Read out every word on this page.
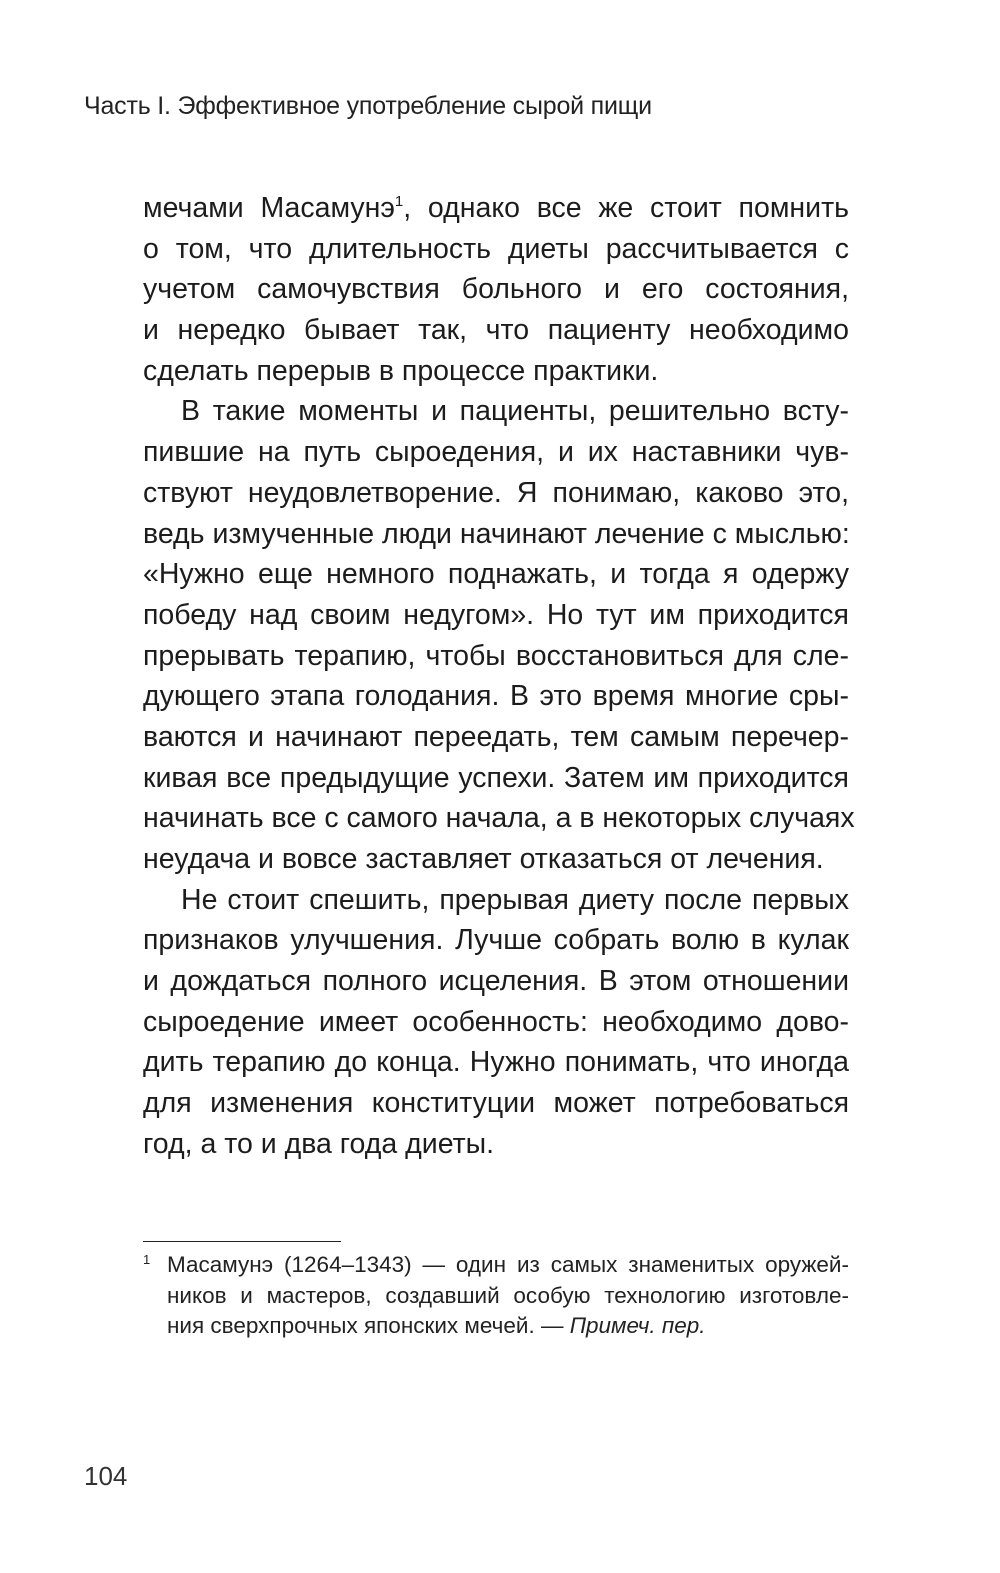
Часть I. Эффективное употребление сырой пищи

мечами Масамунэ$^1$, однако все же стоит помнить
о том, что длительность диеты рассчитывается с
учетом самочувствия больного и его состояния,
и нередко бывает так, что пациенту необходимо
сделать перерыв в процессе практики.

В такие моменты и пациенты, решительно всту-
пившие на путь сыроедения, и их наставники чув-
ствуют неудовлетворение. Я понимаю, каково это,
ведь измученные люди начинают лечение с мыслью:
«Нужно еще немного поднажать, и тогда я одержу
победу над своим недугом». Но тут им приходится
прерывать терапию, чтобы восстановиться для сле-
дующего этапа голодания. В это время многие сры-
ваются и начинают переедать, тем самым перечер-
кивая все предыдущие успехи. Затем им приходится
начинать все с самого начала, а в некоторых случаях
неудача и вовсе заставляет отказаться от лечения.

Не стоит спешить, прерывая диету после первых
признаков улучшения. Лучше собрать волю в кулак
и дождаться полного исцеления. В этом отношении
сыроедение имеет особенность: необходимо дово-
дить терапию до конца. Нужно понимать, что иногда
для изменения конституции может потребоваться
год, а то и два года диеты.

1 Масамунэ (1264–1343) — один из самых знаменитых оружей-
ников и мастеров, создавший особую технологию изготовле-
ния сверхпрочных японских мечей. — Примеч. пер.
104
